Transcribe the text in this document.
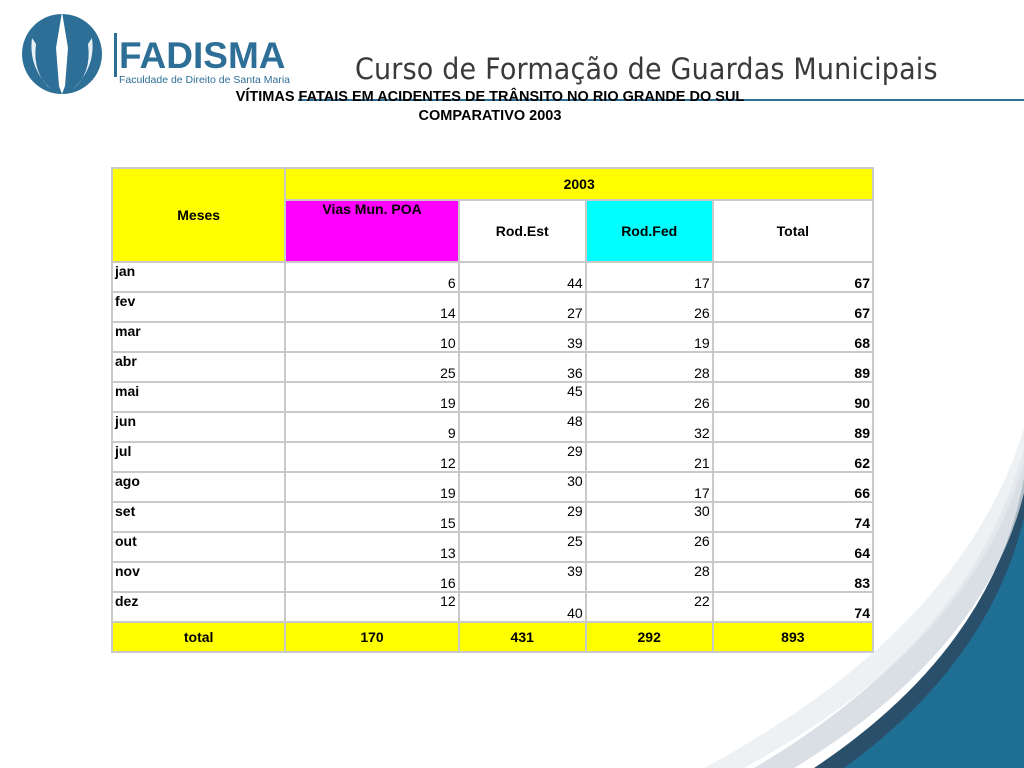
FADISMA
Faculdade de Direito de Santa Maria Curso de Formação de Guardas Municipais
VÍTIMAS FATAIS EM ACIDENTES DE TRÂNSITO NO RIO GRANDE DO SUL
COMPARATIVO 2003
Meses	2003			
	Vias Mun. POA	Rod.Est	Rod.Fed	Total
jan	6	44	17	67
fev	14	27	26	67
mar	10	39	19	68
abr	25	36	28	89
mai	19	45	26	90
jun	9	48	32	89
jul	12	29	21	62
ago	19	30	17	66
set	15	29	30	74
out	13	25	26	64
nov	16	39	28	83
dez	12	40	22	74
total	170	431	292	893
